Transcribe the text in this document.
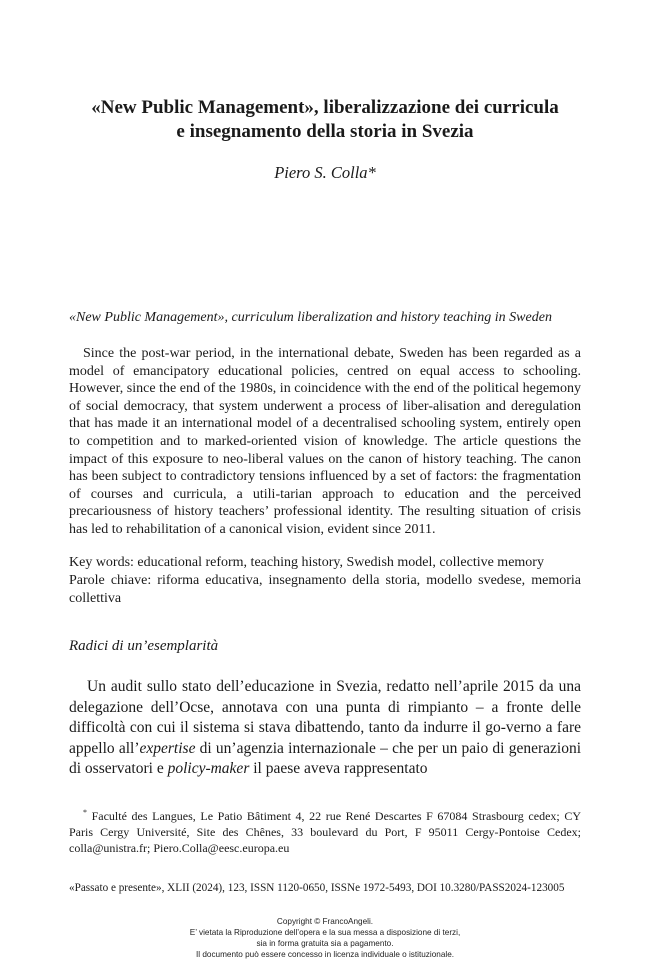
«New Public Management», liberalizzazione dei curricula
e insegnamento della storia in Svezia
Piero S. Colla*
«New Public Management», curriculum liberalization and history teaching in Sweden
Since the post-war period, in the international debate, Sweden has been regarded as a model of emancipatory educational policies, centred on equal access to schooling. However, since the end of the 1980s, in coincidence with the end of the political hegemony of social democracy, that system underwent a process of liber-alisation and deregulation that has made it an international model of a decentralised schooling system, entirely open to competition and to marked-oriented vision of knowledge. The article questions the impact of this exposure to neo-liberal values on the canon of history teaching. The canon has been subject to contradictory tensions influenced by a set of factors: the fragmentation of courses and curricula, a utili-tarian approach to education and the perceived precariousness of history teachers’ professional identity. The resulting situation of crisis has led to rehabilitation of a canonical vision, evident since 2011.
Key words: educational reform, teaching history, Swedish model, collective memory
Parole chiave: riforma educativa, insegnamento della storia, modello svedese, memoria collettiva
Radici di un’esemplarità
Un audit sullo stato dell’educazione in Svezia, redatto nell’aprile 2015 da una delegazione dell’Ocse, annotava con una punta di rimpianto – a fronte delle difficoltà con cui il sistema si stava dibattendo, tanto da indurre il go-verno a fare appello all’expertise di un’agenzia internazionale – che per un paio di generazioni di osservatori e policy-maker il paese aveva rappresentato
* Faculté des Langues, Le Patio Bâtiment 4, 22 rue René Descartes F 67084 Strasbourg cedex; CY Paris Cergy Université, Site des Chênes, 33 boulevard du Port, F 95011 Cergy-Pontoise Cedex; colla@unistra.fr; Piero.Colla@eesc.europa.eu
«Passato e presente», XLII (2024), 123, ISSN 1120-0650, ISSNe 1972-5493, DOI 10.3280/PASS2024-123005
Copyright © FrancoAngeli.
E’ vietata la Riproduzione dell’opera e la sua messa a disposizione di terzi,
sia in forma gratuita sia a pagamento.
Il documento può essere concesso in licenza individuale o istituzionale.
